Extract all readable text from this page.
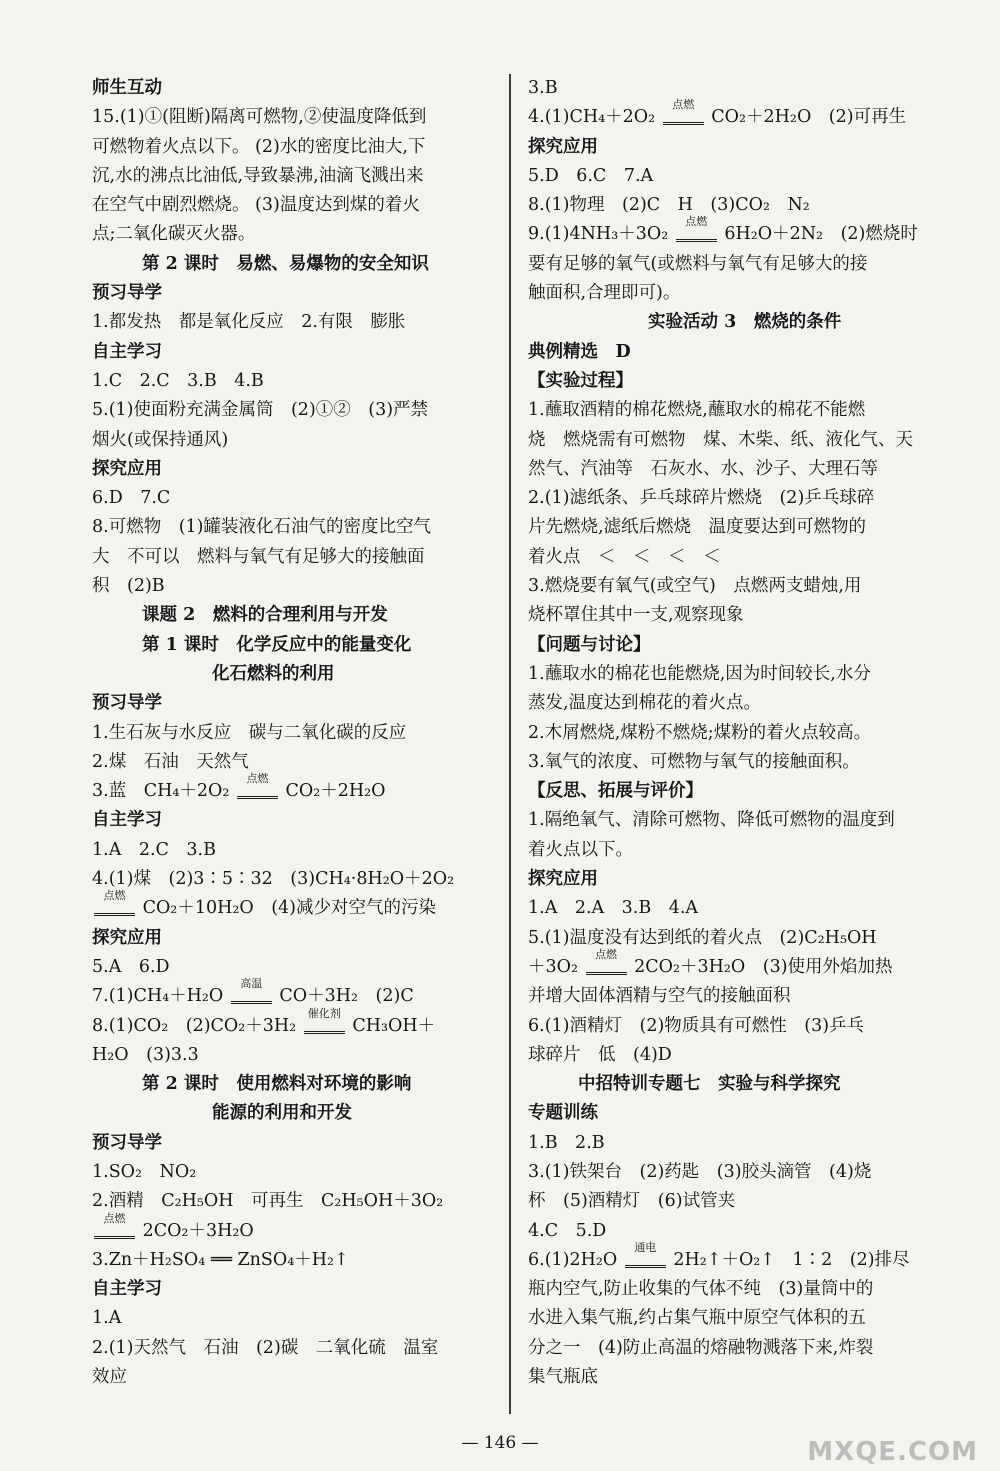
师生互动
15.(1)①(阻断)隔离可燃物,②使温度降低到
可燃物着火点以下。 (2)水的密度比油大,下
沉,水的沸点比油低,导致暴沸,油滴飞溅出来
在空气中剧烈燃烧。 (3)温度达到煤的着火
点;二氧化碳灭火器。
第 2 课时　易燃、易爆物的安全知识
预习导学
1.都发热　都是氧化反应　2.有限　膨胀
自主学习
1.C　2.C　3.B　4.B
5.(1)使面粉充满金属筒　(2)①②　(3)严禁
烟火(或保持通风)
探究应用
6.D　7.C
8.可燃物　(1)罐装液化石油气的密度比空气
大　不可以　燃料与氧气有足够大的接触面
积　(2)B
课题 2　燃料的合理利用与开发
第 1 课时　化学反应中的能量变化
化石燃料的利用
预习导学
1.生石灰与水反应　碳与二氧化碳的反应
2.煤　石油　天然气
3.蓝　CH₄＋2O₂
点燃
   CO₂＋2H₂O
自主学习
1.A　2.C　3.B
4.(1)煤　(2)3∶5∶32　(3)CH₄·8H₂O＋2O₂
点燃
   CO₂＋10H₂O　(4)减少对空气的污染
探究应用
5.A　6.D
7.(1)CH₄＋H₂O
高温
   CO＋3H₂　(2)C
8.(1)CO₂　(2)CO₂＋3H₂
催化剂
   CH₃OH＋
H₂O　(3)3.3
第 2 课时　使用燃料对环境的影响
能源的利用和开发
预习导学
1.SO₂　NO₂
2.酒精　C₂H₅OH　可再生　C₂H₅OH＋3O₂
点燃
   2CO₂＋3H₂O
3.Zn＋H₂SO₄ ══ ZnSO₄＋H₂↑
自主学习
1.A
2.(1)天然气　石油　(2)碳　二氧化硫　温室
效应
3.B
4.(1)CH₄＋2O₂
点燃
   CO₂＋2H₂O　(2)可再生
探究应用
5.D　6.C　7.A
8.(1)物理　(2)C　H　(3)CO₂　N₂
9.(1)4NH₃＋3O₂
点燃
   6H₂O＋2N₂　(2)燃烧时
要有足够的氧气(或燃料与氧气有足够大的接
触面积,合理即可)。
实验活动 3　燃烧的条件
典例精选　D
【实验过程】
1.蘸取酒精的棉花燃烧,蘸取水的棉花不能燃
烧　燃烧需有可燃物　煤、木柴、纸、液化气、天
然气、汽油等　石灰水、水、沙子、大理石等
2.(1)滤纸条、乒乓球碎片燃烧　(2)乒乓球碎
片先燃烧,滤纸后燃烧　温度要达到可燃物的
着火点　＜　＜　＜　＜
3.燃烧要有氧气(或空气)　点燃两支蜡烛,用
烧杯罩住其中一支,观察现象
【问题与讨论】
1.蘸取水的棉花也能燃烧,因为时间较长,水分
蒸发,温度达到棉花的着火点。
2.木屑燃烧,煤粉不燃烧;煤粉的着火点较高。
3.氧气的浓度、可燃物与氧气的接触面积。
【反思、拓展与评价】
1.隔绝氧气、清除可燃物、降低可燃物的温度到
着火点以下。
探究应用
1.A　2.A　3.B　4.A
5.(1)温度没有达到纸的着火点　(2)C₂H₅OH
＋3O₂
点燃
   2CO₂＋3H₂O　(3)使用外焰加热
并增大固体酒精与空气的接触面积
6.(1)酒精灯　(2)物质具有可燃性　(3)乒乓
球碎片　低　(4)D
中招特训专题七　实验与科学探究
专题训练
1.B　2.B
3.(1)铁架台　(2)药匙　(3)胶头滴管　(4)烧
杯　(5)酒精灯　(6)试管夹
4.C　5.D
6.(1)2H₂O
通电
   2H₂↑＋O₂↑　1∶2　(2)排尽
瓶内空气,防止收集的气体不纯　(3)量筒中的
水进入集气瓶,约占集气瓶中原空气体积的五
分之一　(4)防止高温的熔融物溅落下来,炸裂
集气瓶底
— 146 —	MXQE.COM
